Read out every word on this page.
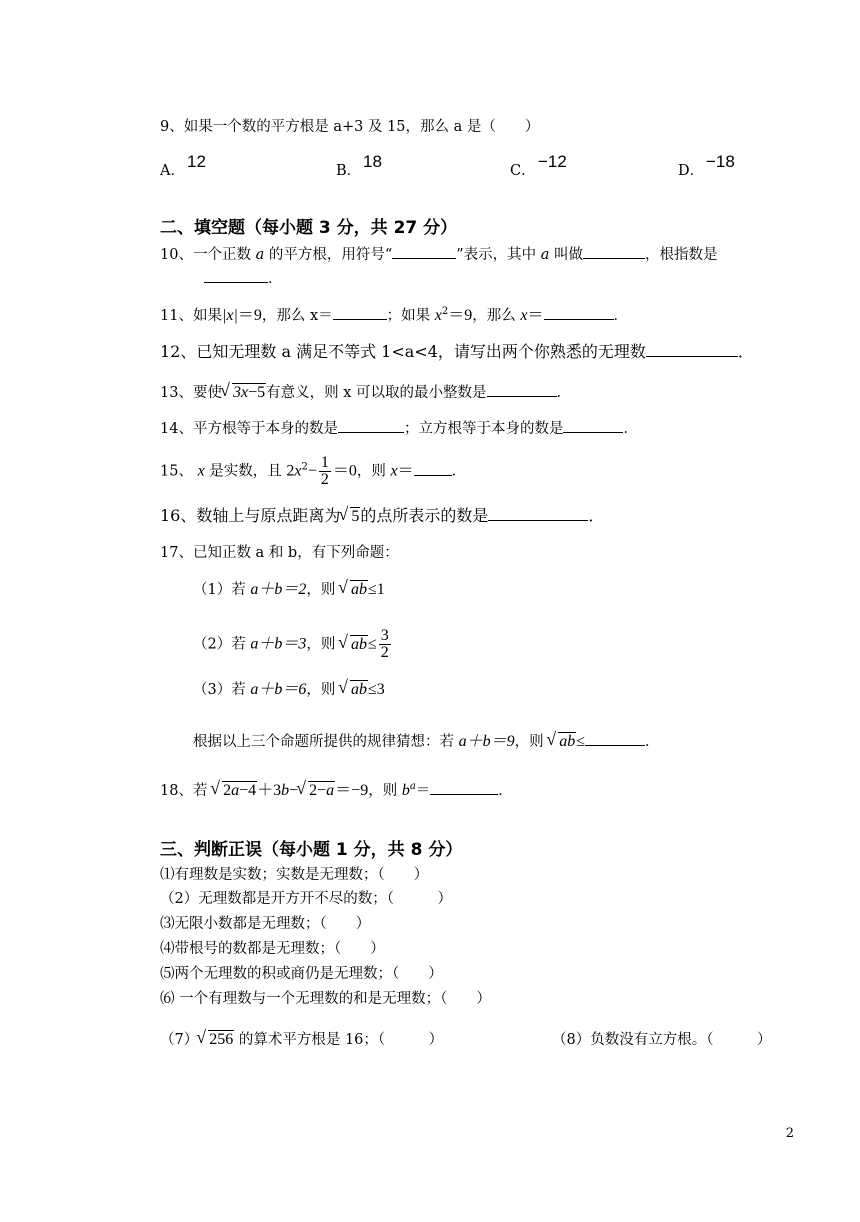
9、如果一个数的平方根是 a+3 及 15，那么 a 是（　　）
A． 12	B． 18	C． −12	D． −18
二、填空题（每小题 3 分，共 27 分）
10、一个正数 a 的平方根，用符号“	”表示，其中 a 叫做	，根指数是
．
11、如果|x|＝9，那么 x＝	；如果 $x^2=9$，那么 x＝	．
12、已知无理数 a 满足不等式 1<a<4，请写出两个你熟悉的无理数	．
13、要使 √ 3x−5有意义，则 x 可以取的最小整数是	．
14、平方根等于本身的数是	；立方根等于本身的数是	．
15、 x 是实数，且 $2x^2- \frac{1}{2} =0$，则 x＝	．
16、数轴上与原点距离为 √ 5的点所表示的数是	．
17、已知正数 a 和 b，有下列命题：
（1）若 a＋b＝2，则 √ ab≤1
（2）若 a＋b＝3，则 √ $ab\le \frac{3}{2}$
（3）若 a＋b＝6，则 √ ab≤3
根据以上三个命题所提供的规律猜想：若 a＋b＝9，则 √ ab≤	．
18、若 √ 2a−4＋3b− √ 2−a＝−9，则 $b^a=$	．
三、判断正误（每小题 1 分，共 8 分）
⑴有理数是实数；实数是无理数；（　　）
（2）无理数都是开方开不尽的数；（　　　）
⑶无限小数都是无理数；（　　）
⑷带根号的数都是无理数；（　　）
⑸两个无理数的积或商仍是无理数；（　　）
⑹ 一个有理数与一个无理数的和是无理数；（　　）
（7） √ 256 的算术平方根是 16；（　　　）	（8）负数没有立方根。（　　　）
2
